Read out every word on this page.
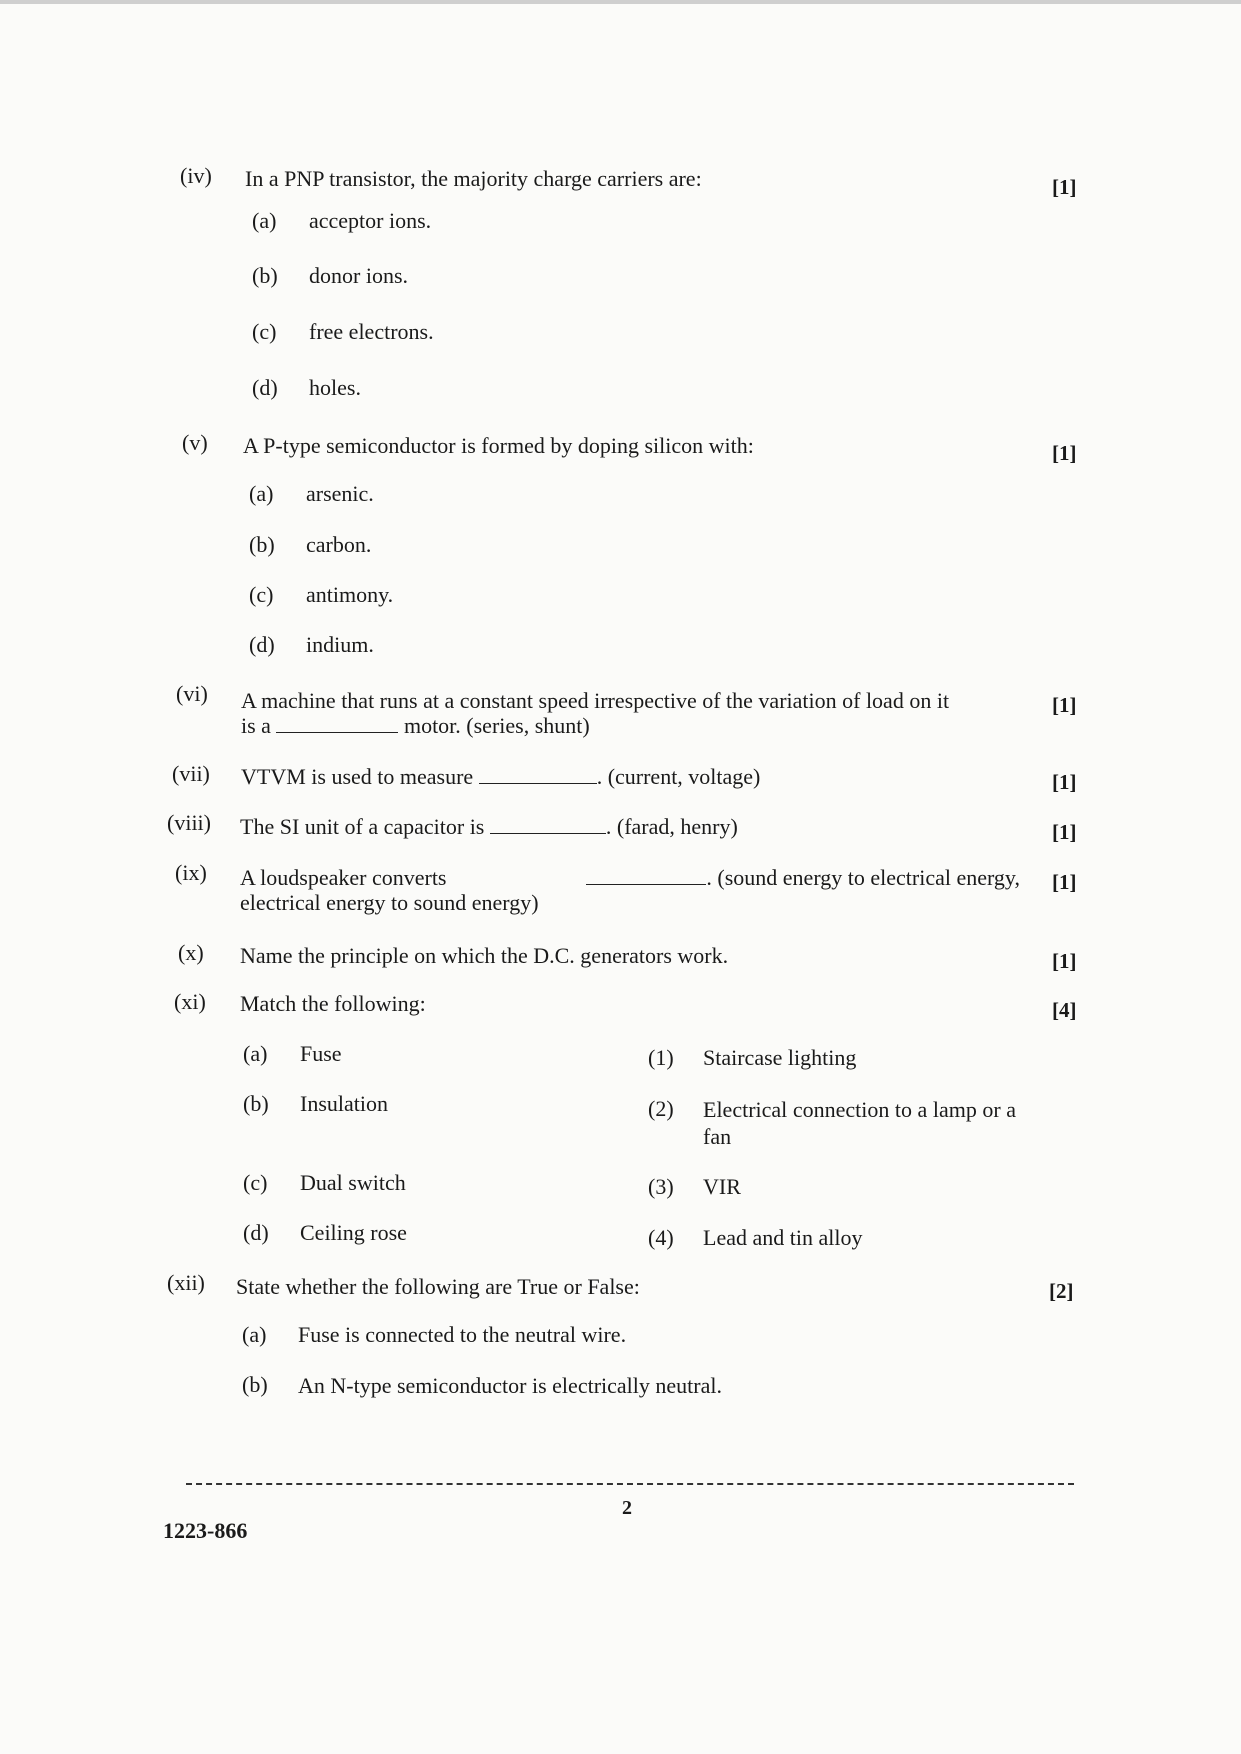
(iv) In a PNP transistor, the majority charge carriers are:	[1]
(a) acceptor ions.
(b) donor ions.
(c) free electrons.
(d) holes.
(v) A P-type semiconductor is formed by doping silicon with:	[1]
(a) arsenic.
(b) carbon.
(c) antimony.
(d) indium.
(vi) A machine that runs at a constant speed irrespective of the variation of load on it
is a	motor. (series, shunt)
[1]
(vii) VTVM is used to measure	. (current, voltage)	[1]
(viii) The SI unit of a capacitor is	. (farad, henry)	[1]
(ix) A loudspeaker converts	. (sound energy to electrical energy,
electrical energy to sound energy)
[1]
(x) Name the principle on which the D.C. generators work.	[1]
(xi) Match the following:	[4]
(a) Fuse	(1) Staircase lighting
(b) Insulation	(2) Electrical connection to a lamp or a fan
(c) Dual switch	(3) VIR
(d) Ceiling rose	(4) Lead and tin alloy
(xii) State whether the following are True or False:	[2]
(a) Fuse is connected to the neutral wire.
(b) An N-type semiconductor is electrically neutral.
2
1223-866
